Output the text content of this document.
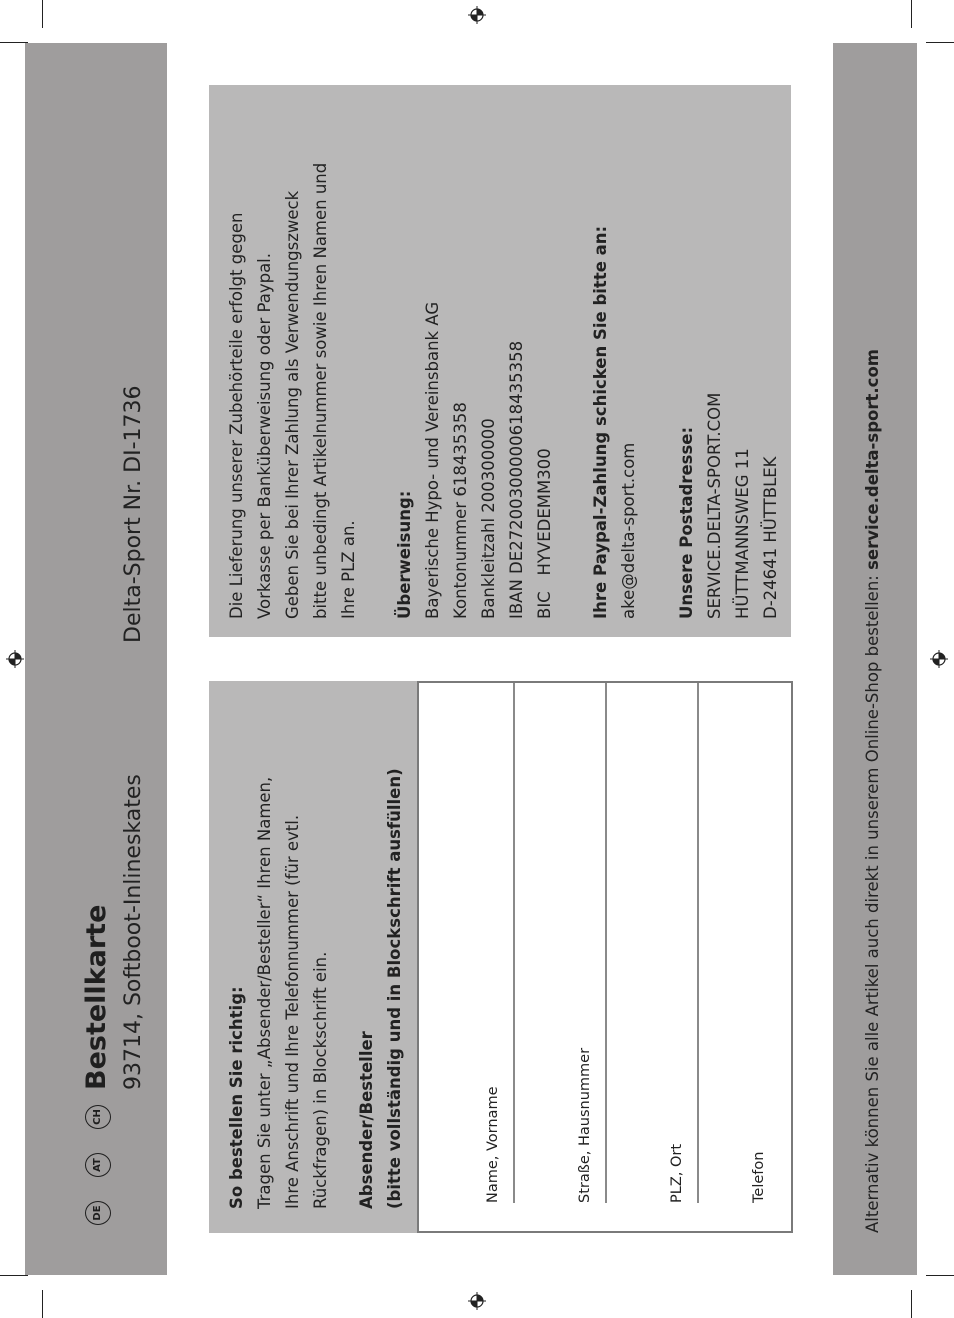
DE
AT
CH
Bestellkarte 93714, Softboot-Inlineskates
Delta-Sport Nr. DI-1736
So bestellen Sie richtig: Tragen Sie unter „Absender/Besteller“ Ihren Namen, Ihre Anschrift und Ihre Telefonnummer (für evtl. Rückfragen) in Blockschrift ein.	Absender/Besteller (bitte vollständig und in Blockschrift ausfüllen)	Name, Vorname	Straße, Hausnummer	PLZ, Ort	Telefon
Die Lieferung unserer Zubehörteile erfolgt gegen Vorkasse per Banküberweisung oder Paypal. Geben Sie bei Ihrer Zahlung als Verwendungszweck bitte unbedingt Artikelnummer sowie Ihren Namen und Ihre PLZ an.	Überweisung: Bayerische Hypo- und Vereinsbank AG Kontonummer 618435358 Bankleitzahl 200300000 IBAN DE27200300000618435358 BIC   HYVEDEMM300	Ihre Paypal-Zahlung schicken Sie bitte an: ake@delta-sport.com	Unsere Postadresse: SERVICE.DELTA-SPORT.COM HÜTTMANNSWEG 11 D-24641 HÜTTBLEK
Alternativ können Sie alle Artikel auch direkt in unserem Online-Shop bestellen: service.delta-sport.com
